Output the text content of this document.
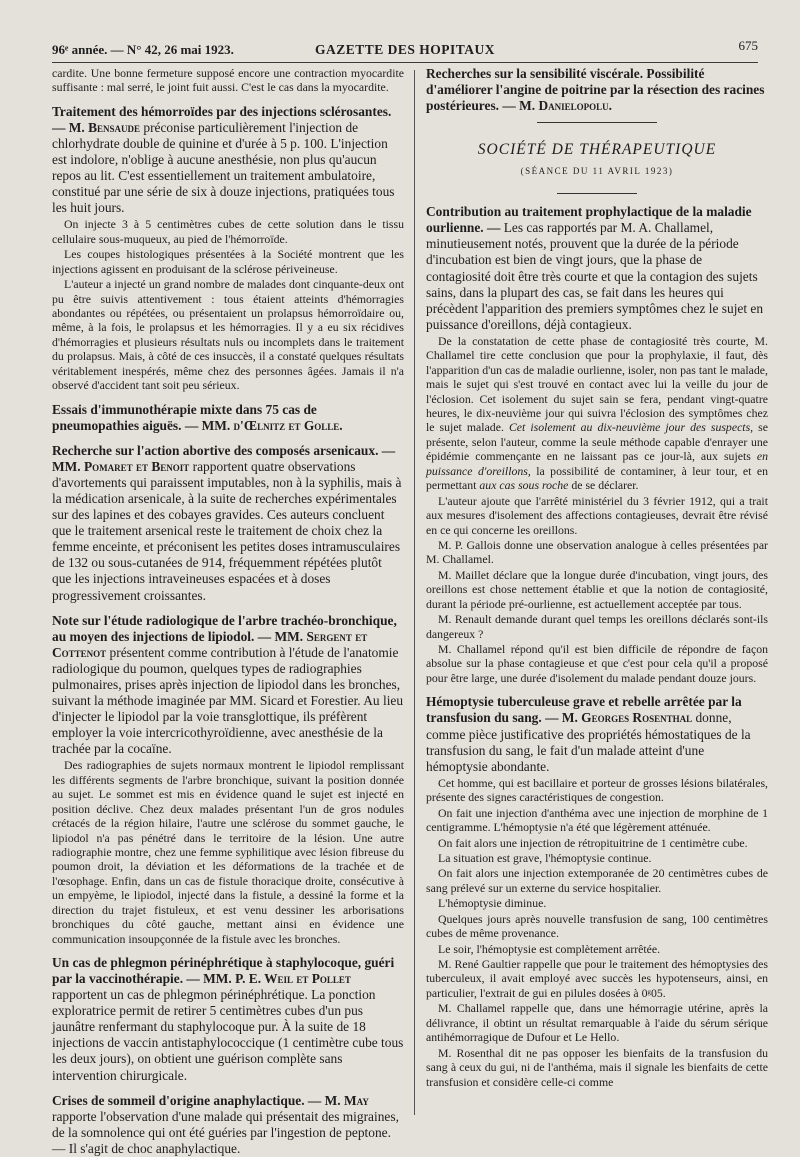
96ᵉ année. — N° 42, 26 mai 1923.	GAZETTE DES HOPITAUX	675

cardite. Une bonne fermeture supposé encore une contraction myocardite suffisante : mal serré, le joint fuit aussi. C'est le cas dans la myocardite.

Traitement des hémorroïdes par des injections sclérosantes. — M. Bensaude préconise particulièrement l'injection de chlorhydrate double de quinine et d'urée à 5 p. 100. L'injection est indolore, n'oblige à aucune anesthésie, non plus qu'aucun repos au lit. C'est essentiellement un traitement ambulatoire, constitué par une série de six à douze injections, pratiquées tous les huit jours.

On injecte 3 à 5 centimètres cubes de cette solution dans le tissu cellulaire sous-muqueux, au pied de l'hémorroïde.

Les coupes histologiques présentées à la Société montrent que les injections agissent en produisant de la sclérose périveineuse.

L'auteur a injecté un grand nombre de malades dont cinquante-deux ont pu être suivis attentivement : tous étaient atteints d'hémorragies abondantes ou répétées, ou présentaient un prolapsus hémorroïdaire ou, même, à la fois, le prolapsus et les hémorragies. Il y a eu six récidives d'hémorragies et plusieurs résultats nuls ou incomplets dans le traitement du prolapsus. Mais, à côté de ces insuccès, il a constaté quelques résultats véritablement inespérés, même chez des personnes âgées. Jamais il n'a observé d'accident tant soit peu sérieux.

Essais d'immunothérapie mixte dans 75 cas de pneumopathies aiguës. — MM. d'Œlnitz et Golle.
Recherche sur l'action abortive des composés arsenicaux. — MM. Pomaret et Benoit rapportent quatre observations d'avortements qui paraissent imputables, non à la syphilis, mais à la médication arsenicale, à la suite de recherches expérimentales sur des lapines et des cobayes gravides. Ces auteurs concluent que le traitement arsenical reste le traitement de choix chez la femme enceinte, et préconisent les petites doses intramusculaires de 132 ou sous-cutanées de 914, fréquemment répétées plutôt que les injections intraveineuses espacées et à doses progressivement croissantes.
Note sur l'étude radiologique de l'arbre trachéo-bronchique, au moyen des injections de lipiodol. — MM. Sergent et Cottenot présentent comme contribution à l'étude de l'anatomie radiologique du poumon, quelques types de radiographies pulmonaires, prises après injection de lipiodol dans les bronches, suivant la méthode imaginée par MM. Sicard et Forestier. Au lieu d'injecter le lipiodol par la voie transglottique, ils préfèrent employer la voie intercricothyroïdienne, avec anesthésie de la trachée par la cocaïne.

Des radiographies de sujets normaux montrent le lipiodol remplissant les différents segments de l'arbre bronchique, suivant la position donnée au sujet. Le sommet est mis en évidence quand le sujet est injecté en position déclive. Chez deux malades présentant l'un de gros nodules crétacés de la région hilaire, l'autre une sclérose du sommet gauche, le lipiodol n'a pas pénétré dans le territoire de la lésion. Une autre radiographie montre, chez une femme syphilitique avec lésion fibreuse du poumon droit, la déviation et les déformations de la trachée et de l'œsophage. Enfin, dans un cas de fistule thoracique droite, consécutive à un empyème, le lipiodol, injecté dans la fistule, a dessiné la forme et la direction du trajet fistuleux, et est venu dessiner les arborisations bronchiques du côté gauche, mettant ainsi en évidence une communication insoupçonnée de la fistule avec les bronches.

Un cas de phlegmon périnéphrétique à staphylocoque, guéri par la vaccinothérapie. — MM. P. E. Weil et Pollet rapportent un cas de phlegmon périnéphrétique. La ponction exploratrice permit de retirer 5 centimètres cubes d'un pus jaunâtre renfermant du staphylocoque pur. À la suite de 18 injections de vaccin antistaphylococcique (1 centimètre cube tous les deux jours), on obtient une guérison complète sans intervention chirurgicale.
Crises de sommeil d'origine anaphylactique. — M. May rapporte l'observation d'une malade qui présentait des migraines, de la somnolence qui ont été guéries par l'ingestion de peptone. — Il s'agit de choc anaphylactique.
Recherches sur la sensibilité viscérale. Possibilité d'améliorer l'angine de poitrine par la résection des racines postérieures. — M. Danielopolu.
SOCIÉTÉ DE THÉRAPEUTIQUE
(SÉANCE DU 11 AVRIL 1923)
Contribution au traitement prophylactique de la maladie ourlienne. — Les cas rapportés par M. A. Challamel, minutieusement notés, prouvent que la durée de la période d'incubation est bien de vingt jours, que la phase de contagiosité doit être très courte et que la contagion des sujets sains, dans la plupart des cas, se fait dans les heures qui précèdent l'apparition des premiers symptômes chez le sujet en puissance d'oreillons, déjà contagieux.

De la constatation de cette phase de contagiosité très courte, M. Challamel tire cette conclusion que pour la prophylaxie, il faut, dès l'apparition d'un cas de maladie ourlienne, isoler, non pas tant le malade, mais le sujet qui s'est trouvé en contact avec lui la veille du jour de l'éclosion. Cet isolement du sujet sain se fera, pendant vingt-quatre heures, le dix-neuvième jour qui suivra l'éclosion des symptômes chez le sujet malade. Cet isolement au dix-neuvième jour des suspects, se présente, selon l'auteur, comme la seule méthode capable d'enrayer une épidémie commençante en ne laissant pas ce jour-là, aux sujets en puissance d'oreillons, la possibilité de contaminer, à leur tour, et en permettant aux cas sous roche de se déclarer.

L'auteur ajoute que l'arrêté ministériel du 3 février 1912, qui a trait aux mesures d'isolement des affections contagieuses, devrait être révisé en ce qui concerne les oreillons.

M. P. Gallois donne une observation analogue à celles présentées par M. Challamel.

M. Maillet déclare que la longue durée d'incubation, vingt jours, des oreillons est chose nettement établie et que la notion de contagiosité, durant la période pré-ourlienne, est actuellement acceptée par tous.

M. Renault demande durant quel temps les oreillons déclarés sont-ils dangereux ?

M. Challamel répond qu'il est bien difficile de répondre de façon absolue sur la phase contagieuse et que c'est pour cela qu'il a proposé pour être large, une durée d'isolement du malade pendant douze jours.

Hémoptysie tuberculeuse grave et rebelle arrêtée par la transfusion du sang. — M. Georges Rosenthal donne, comme pièce justificative des propriétés hémostatiques de la transfusion du sang, le fait d'un malade atteint d'une hémoptysie abondante.

Cet homme, qui est bacillaire et porteur de grosses lésions bilatérales, présente des signes caractéristiques de congestion.

On fait une injection d'anthéma avec une injection de morphine de 1 centigramme. L'hémoptysie n'a été que légèrement atténuée.

On fait alors une injection de rétropituitrine de 1 centimètre cube.

La situation est grave, l'hémoptysie continue.

On fait alors une injection extemporanée de 20 centimètres cubes de sang prélevé sur un externe du service hospitalier.

L'hémoptysie diminue.

Quelques jours après nouvelle transfusion de sang, 100 centimètres cubes de même provenance.

Le soir, l'hémoptysie est complètement arrêtée.

M. René Gaultier rappelle que pour le traitement des hémoptysies des tuberculeux, il avait employé avec succès les hypotenseurs, ainsi, en particulier, l'extrait de gui en pilules dosées à 0ᵍ05.

M. Challamel rappelle que, dans une hémorragie utérine, après la délivrance, il obtint un résultat remarquable à l'aide du sérum sérique antihémorragique de Dufour et Le Hello.

M. Rosenthal dit ne pas opposer les bienfaits de la transfusion du sang à ceux du gui, ni de l'anthéma, mais il signale les bienfaits de cette transfusion et considère celle-ci comme
